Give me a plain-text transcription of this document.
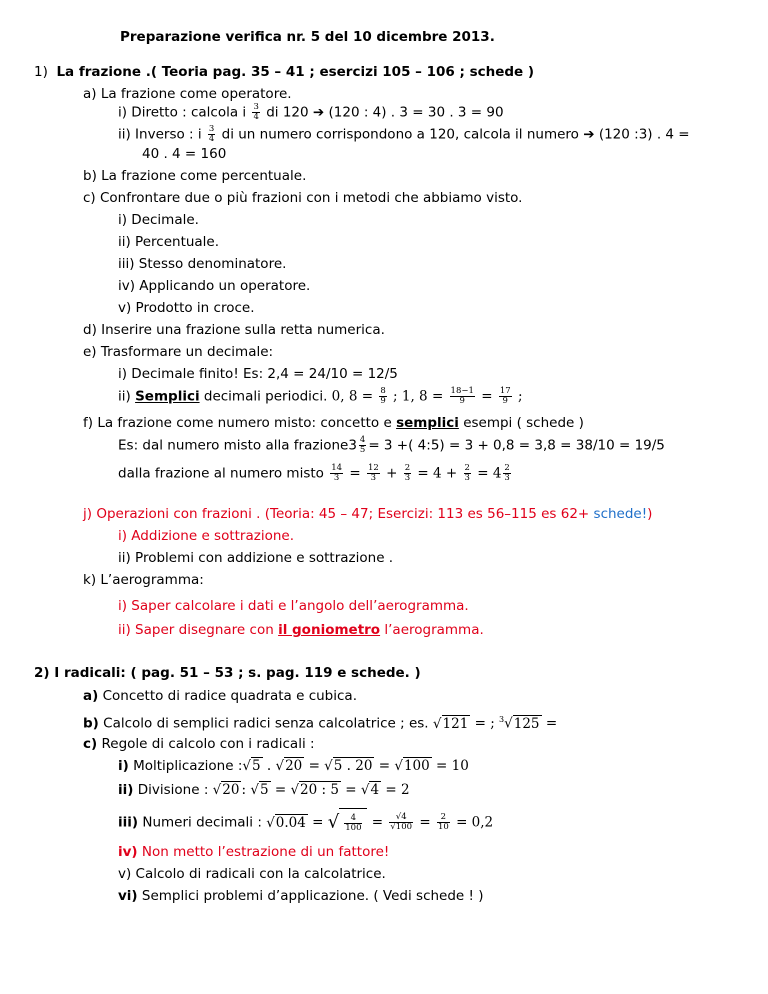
Preparazione verifica nr. 5 del 10 dicembre 2013.
1) La frazione .( Teoria pag. 35 – 41 ; esercizi 105 – 106 ; schede )
a) La frazione come operatore.
i) Diretto : calcola i $\frac{3}{4}$ di 120 ➔ (120 : 4) . 3 = 30 . 3 = 90
ii) Inverso : i $\frac{3}{4}$ di un numero corrispondono a 120, calcola il numero ➔ (120 :3) . 4 =
40 . 4 = 160
b) La frazione come percentuale.
c) Confrontare due o più frazioni con i metodi che abbiamo visto.
i) Decimale.
ii) Percentuale.
iii) Stesso denominatore.
iv) Applicando un operatore.
v) Prodotto in croce.
d) Inserire una frazione sulla retta numerica.
e) Trasformare un decimale:
i) Decimale finito! Es: 2,4 = 24/10 = 12/5
ii) Semplici decimali periodici. 0, $8 = \frac{8}{9}$ ; 1, $8 = \frac{18-1}{9} = \frac{17}{9}$ ;
f) La frazione come numero misto: concetto e semplici esempi ( schede )
Es: dal numero misto alla frazione3 $\frac{4}{5} = 3$ +( 4:5) = 3 + 0,8 = 3,8 = 38/10 = 19/5
dalla frazione al numero misto $\frac{14}{3} = \frac{12}{3} + \frac{2}{3} = 4 + \frac{2}{3} = 4 \frac{2}{3}$
j) Operazioni con frazioni . (Teoria: 45 – 47; Esercizi: 113 es 56–115 es 62+ schede!)
i) Addizione e sottrazione.
ii) Problemi con addizione e sottrazione .
k) L’aerogramma:
i) Saper calcolare i dati e l’angolo dell’aerogramma.
ii) Saper disegnare con il goniometro l’aerogramma.
2) I radicali: ( pag. 51 – 53 ; s. pag. 119 e schede. )
a) Concetto di radice quadrata e cubica.
b) Calcolo di semplici radici senza calcolatrice ; es. √121 = ; $^3$√125 =
c) Regole di calcolo con i radicali :
i) Moltiplicazione :√5 . √20 = √5 . 20 = √100 = 10
ii) Divisione : √20 : √5 = √20 : 5 = √4 = 2
iii) Numeri decimali : √0.04 = √ $\frac{4}{100} = \frac{√4}{√100} = \frac{2}{10} = 0,2$
iv) Non metto l’estrazione di un fattore!
v) Calcolo di radicali con la calcolatrice.
vi) Semplici problemi d’applicazione. ( Vedi schede ! )
